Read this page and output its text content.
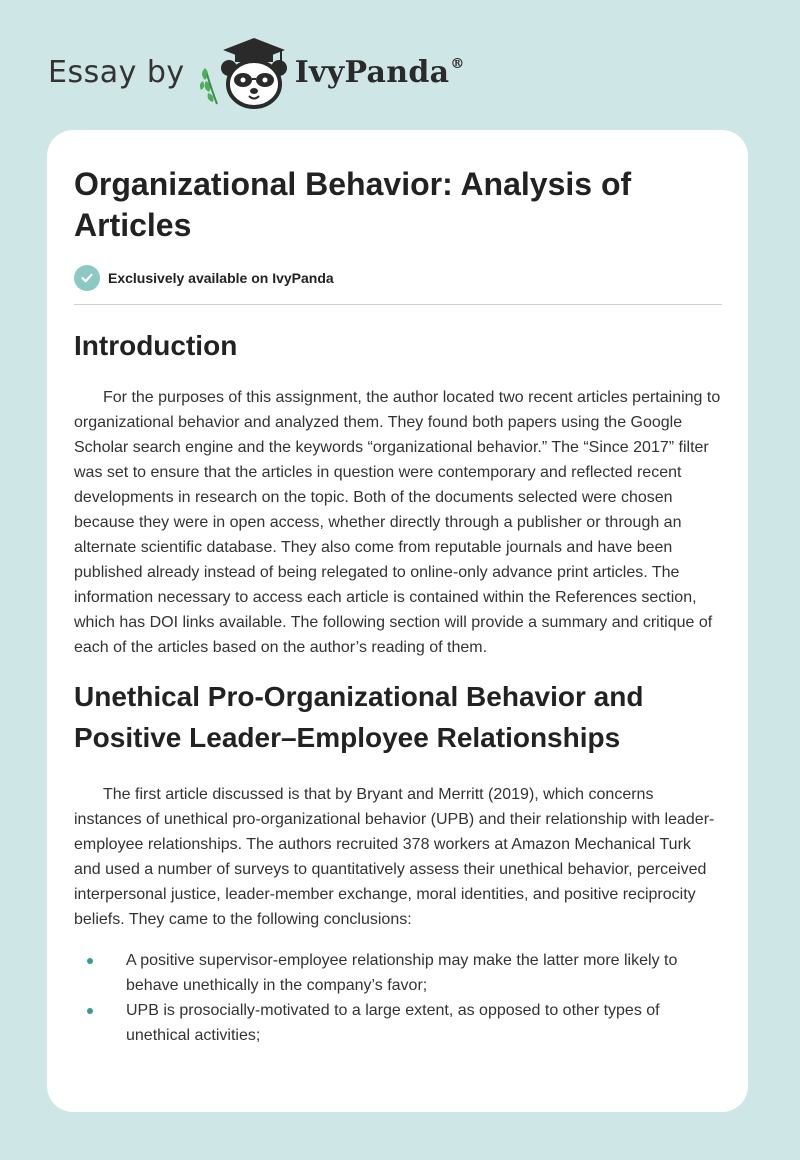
Essay by	IvyPanda®
Organizational Behavior: Analysis of Articles
Exclusively available on IvyPanda
Introduction

For the purposes of this assignment, the author located two recent articles pertaining to organizational behavior and analyzed them. They found both papers using the Google Scholar search engine and the keywords “organizational behavior.” The “Since 2017” filter was set to ensure that the articles in question were contemporary and reflected recent developments in research on the topic. Both of the documents selected were chosen because they were in open access, whether directly through a publisher or through an alternate scientific database. They also come from reputable journals and have been published already instead of being relegated to online-only advance print articles. The information necessary to access each article is contained within the References section, which has DOI links available. The following section will provide a summary and critique of each of the articles based on the author’s reading of them.

Unethical Pro-Organizational Behavior and Positive Leader–Employee Relationships

The first article discussed is that by Bryant and Merritt (2019), which concerns instances of unethical pro-organizational behavior (UPB) and their relationship with leader-employee relationships. The authors recruited 378 workers at Amazon Mechanical Turk and used a number of surveys to quantitatively assess their unethical behavior, perceived interpersonal justice, leader-member exchange, moral identities, and positive reciprocity beliefs. They came to the following conclusions:

A positive supervisor-employee relationship may make the latter more likely to behave unethically in the company’s favor;
UPB is prosocially-motivated to a large extent, as opposed to other types of unethical activities;
